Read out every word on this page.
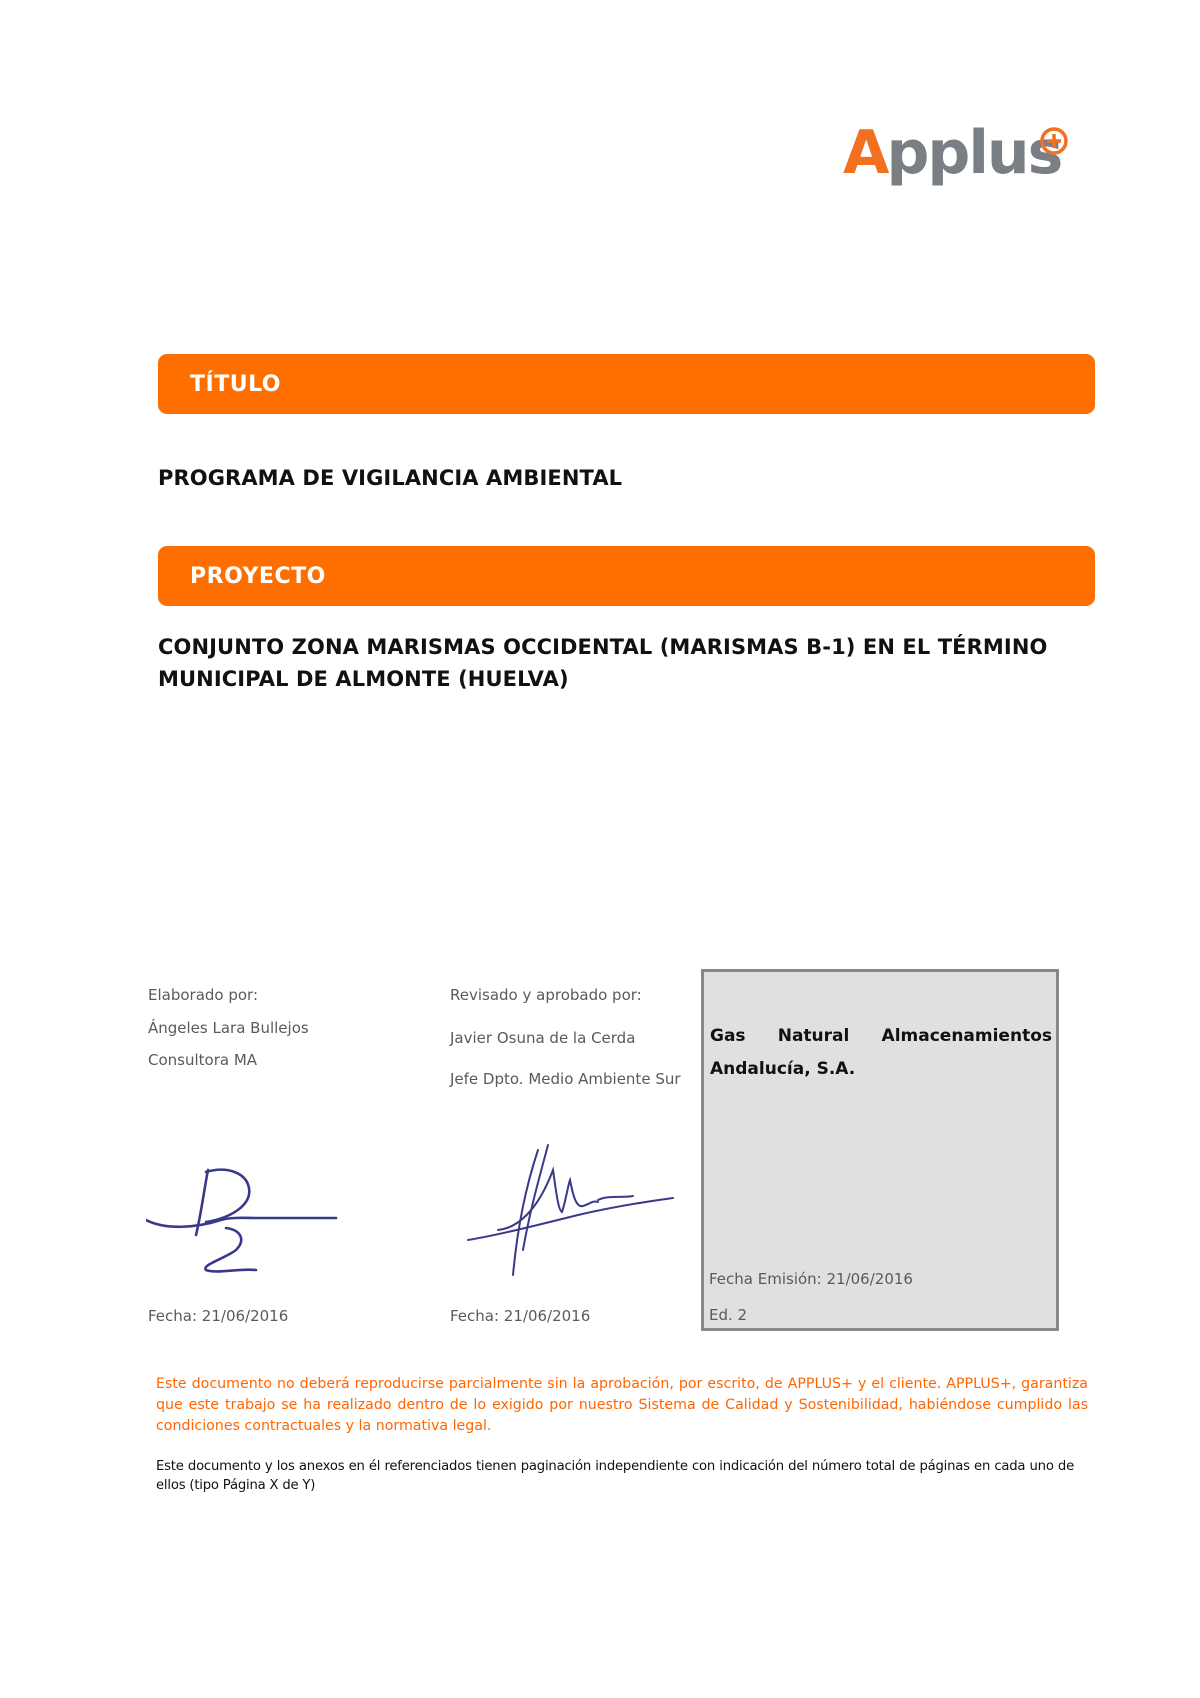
Applus
TÍTULO
PROGRAMA DE VIGILANCIA AMBIENTAL
PROYECTO
CONJUNTO ZONA MARISMAS OCCIDENTAL (MARISMAS B-1) EN EL TÉRMINO MUNICIPAL DE ALMONTE (HUELVA)
Elaborado por:
Ángeles Lara Bullejos
Consultora MA
Fecha: 21/06/2016
Revisado y aprobado por:
Javier Osuna de la Cerda
Jefe Dpto. Medio Ambiente Sur
Fecha: 21/06/2016
Gas Natural Almacenamientos Andalucía, S.A.
Fecha Emisión: 21/06/2016
Ed. 2
Este documento no deberá reproducirse parcialmente sin la aprobación, por escrito, de APPLUS+ y el cliente. APPLUS+, garantiza que este trabajo se ha realizado dentro de lo exigido por nuestro Sistema de Calidad y Sostenibilidad, habiéndose cumplido las condiciones contractuales y la normativa legal.
Este documento y los anexos en él referenciados tienen paginación independiente con indicación del número total de páginas en cada uno de ellos (tipo Página X de Y)
